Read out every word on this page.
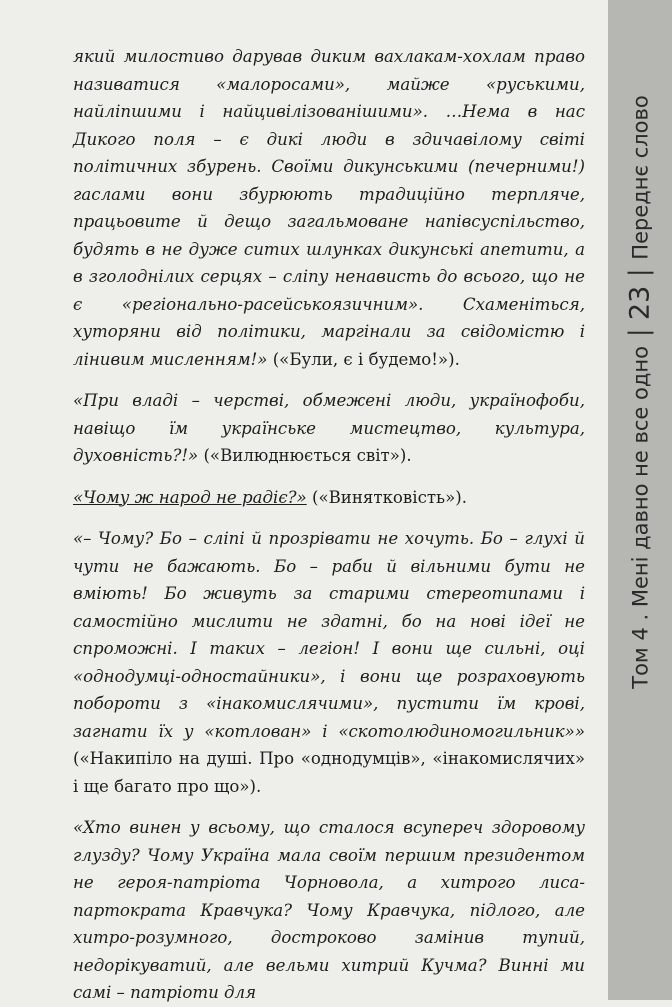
який милостиво дарував диким вахлакам-хохлам право називатися «малоросами», майже «руськими, найліпшими і найцивілізованішими». …Нема в нас Дикого поля – є дикі люди в здичавілому світі політичних збурень. Своїми дикунськими (печерними!) гаслами вони збурюють традиційно терпляче, працьовите й дещо загальмоване напівсуспільство, будять в не дуже ситих шлунках дикунські апетити, а в зголоднілих серцях – сліпу ненависть до всього, що не є «регіонально-расейськоязичним». Схаменіться, хуторяни від політики, маргінали за свідомістю і лінивим мисленням!» («Були, є і будемо!»).

«При владі – черстві, обмежені люди, українофоби, навіщо їм українське мистецтво, культура, духовність?!» («Вилюднюється світ»).

«Чому ж народ не радіє?» («Винятковість»).

«– Чому? Бо – сліпі й прозрівати не хочуть. Бо – глухі й чути не бажають. Бо – раби й вільними бути не вміють! Бо живуть за старими стереотипами і самостійно мислити не здатні, бо на нові ідеї не спроможні. І таких – легіон! І вони ще сильні, оці «однодумці-одностайники», і вони ще розраховують побороти з «інакомислячими», пустити їм крові, загнати їх у «котлован» і «скотолюдиномогильник»» («Накипіло на душі. Про «однодумців», «інакомислячих» і ще багато про що»).

«Хто винен у всьому, що сталося всупереч здоровому глузду? Чому Україна мала своїм першим президентом не героя-патріота Чорновола, а хитрого лиса-партократа Кравчука? Чому Кравчука, підлого, але хитро-розумного, достроково замінив тупий, недорікуватий, але вельми хитрий Кучма? Винні ми самі – патріоти для

Том 4 . Мені давно не все одно
23
Переднє слово
